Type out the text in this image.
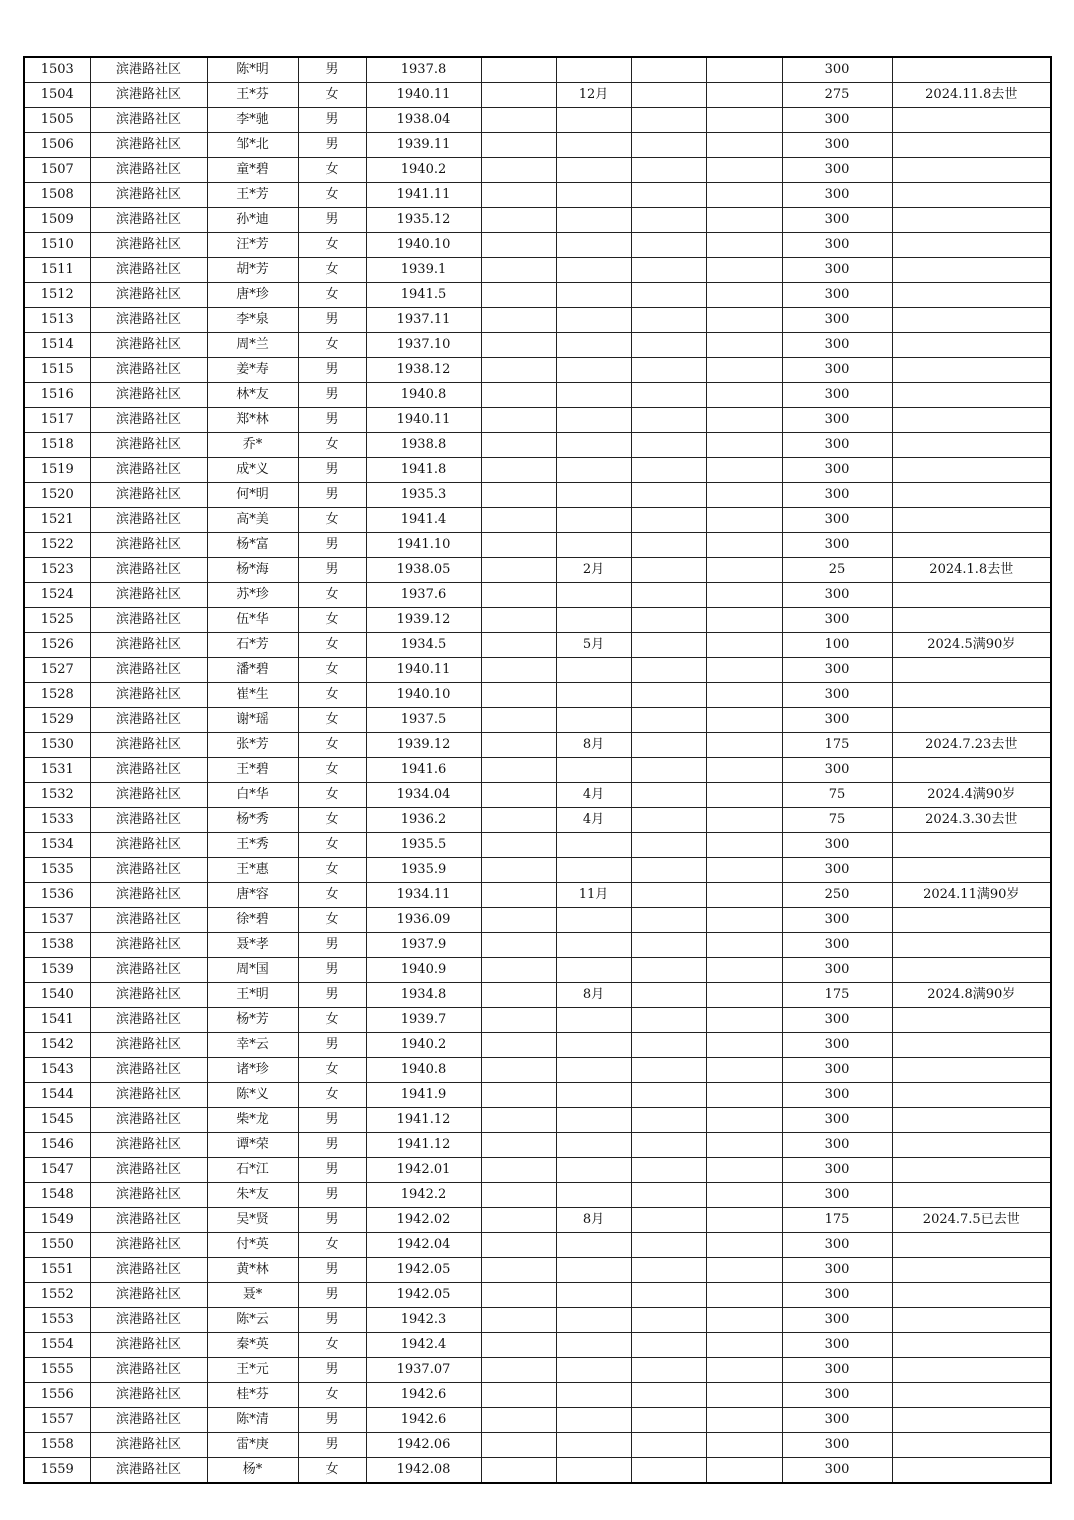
1503	滨港路社区	陈*明	男	1937.8					300	
1504	滨港路社区	王*芬	女	1940.11		12月			275	2024.11.8去世
1505	滨港路社区	李*驰	男	1938.04					300	
1506	滨港路社区	邹*北	男	1939.11					300	
1507	滨港路社区	童*碧	女	1940.2					300	
1508	滨港路社区	王*芳	女	1941.11					300	
1509	滨港路社区	孙*迪	男	1935.12					300	
1510	滨港路社区	汪*芳	女	1940.10					300	
1511	滨港路社区	胡*芳	女	1939.1					300	
1512	滨港路社区	唐*珍	女	1941.5					300	
1513	滨港路社区	李*泉	男	1937.11					300	
1514	滨港路社区	周*兰	女	1937.10					300	
1515	滨港路社区	姜*寿	男	1938.12					300	
1516	滨港路社区	林*友	男	1940.8					300	
1517	滨港路社区	郑*林	男	1940.11					300	
1518	滨港路社区	乔*	女	1938.8					300	
1519	滨港路社区	成*义	男	1941.8					300	
1520	滨港路社区	何*明	男	1935.3					300	
1521	滨港路社区	高*美	女	1941.4					300	
1522	滨港路社区	杨*富	男	1941.10					300	
1523	滨港路社区	杨*海	男	1938.05		2月			25	2024.1.8去世
1524	滨港路社区	苏*珍	女	1937.6					300	
1525	滨港路社区	伍*华	女	1939.12					300	
1526	滨港路社区	石*芳	女	1934.5		5月			100	2024.5满90岁
1527	滨港路社区	潘*碧	女	1940.11					300	
1528	滨港路社区	崔*生	女	1940.10					300	
1529	滨港路社区	谢*瑶	女	1937.5					300	
1530	滨港路社区	张*芳	女	1939.12		8月			175	2024.7.23去世
1531	滨港路社区	王*碧	女	1941.6					300	
1532	滨港路社区	白*华	女	1934.04		4月			75	2024.4满90岁
1533	滨港路社区	杨*秀	女	1936.2		4月			75	2024.3.30去世
1534	滨港路社区	王*秀	女	1935.5					300	
1535	滨港路社区	王*惠	女	1935.9					300	
1536	滨港路社区	唐*容	女	1934.11		11月			250	2024.11满90岁
1537	滨港路社区	徐*碧	女	1936.09					300	
1538	滨港路社区	聂*孝	男	1937.9					300	
1539	滨港路社区	周*国	男	1940.9					300	
1540	滨港路社区	王*明	男	1934.8		8月			175	2024.8满90岁
1541	滨港路社区	杨*芳	女	1939.7					300	
1542	滨港路社区	幸*云	男	1940.2					300	
1543	滨港路社区	诸*珍	女	1940.8					300	
1544	滨港路社区	陈*义	女	1941.9					300	
1545	滨港路社区	柴*龙	男	1941.12					300	
1546	滨港路社区	谭*荣	男	1941.12					300	
1547	滨港路社区	石*江	男	1942.01					300	
1548	滨港路社区	朱*友	男	1942.2					300	
1549	滨港路社区	吴*贤	男	1942.02		8月			175	2024.7.5已去世
1550	滨港路社区	付*英	女	1942.04					300	
1551	滨港路社区	黄*林	男	1942.05					300	
1552	滨港路社区	聂*	男	1942.05					300	
1553	滨港路社区	陈*云	男	1942.3					300	
1554	滨港路社区	秦*英	女	1942.4					300	
1555	滨港路社区	王*元	男	1937.07					300	
1556	滨港路社区	桂*芬	女	1942.6					300	
1557	滨港路社区	陈*清	男	1942.6					300	
1558	滨港路社区	雷*庚	男	1942.06					300	
1559	滨港路社区	杨*	女	1942.08					300	
